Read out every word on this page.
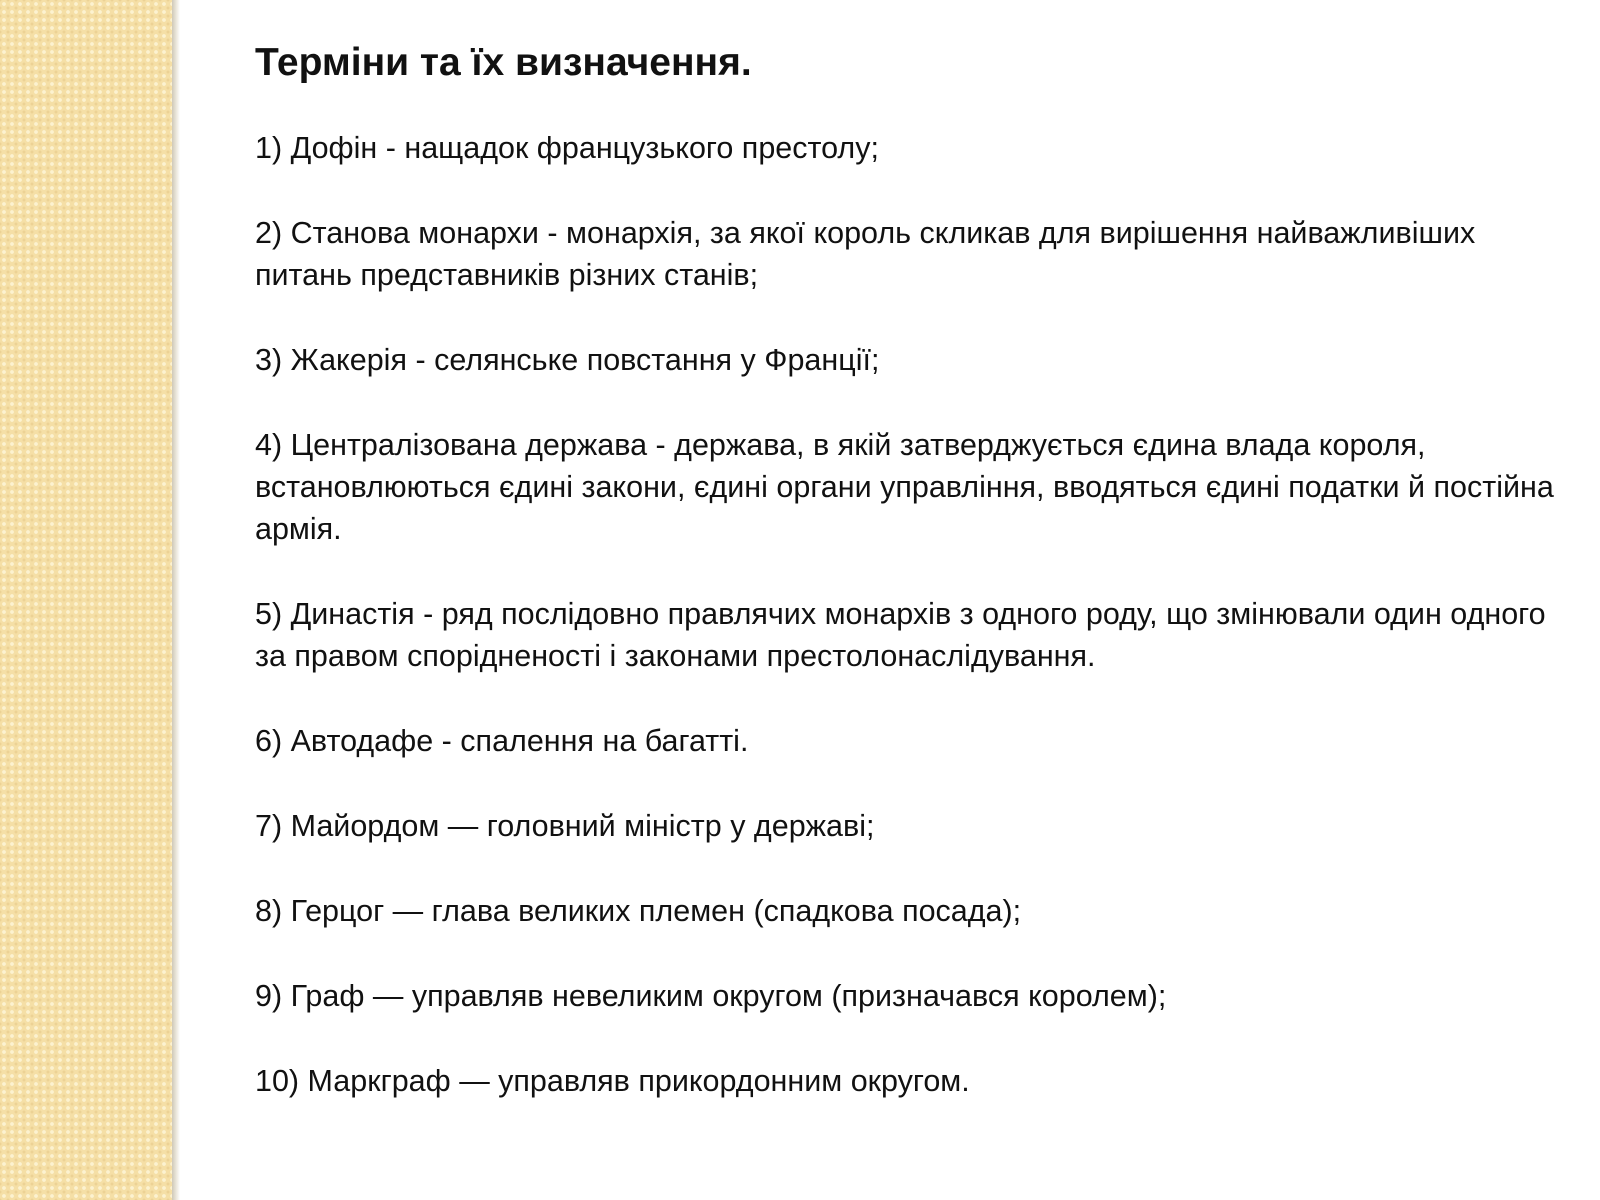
Терміни та їх визначення.
1) Дофін - нащадок французького престолу;
2) Станова монархи - монархія, за якої король скликав для вирішення найважливіших питань представників різних станів;
3) Жакерія - селянське повстання у Франції;
4) Централізована держава - держава, в якій затверджується єдина влада короля, встановлюються єдині закони, єдині органи управління, вводяться єдині податки й постійна армія.
5) Династія - ряд послідовно правлячих монархів з одного роду, що змінювали один одного за правом спорідненості і законами престолонаслідування.
6) Автодафе - спалення на багатті.
7) Майордом — головний міністр у державі;
8) Герцог — глава великих племен (спадкова посада);
9) Граф — управляв невеликим округом (призначався королем);
10) Маркграф — управляв прикордонним округом.
